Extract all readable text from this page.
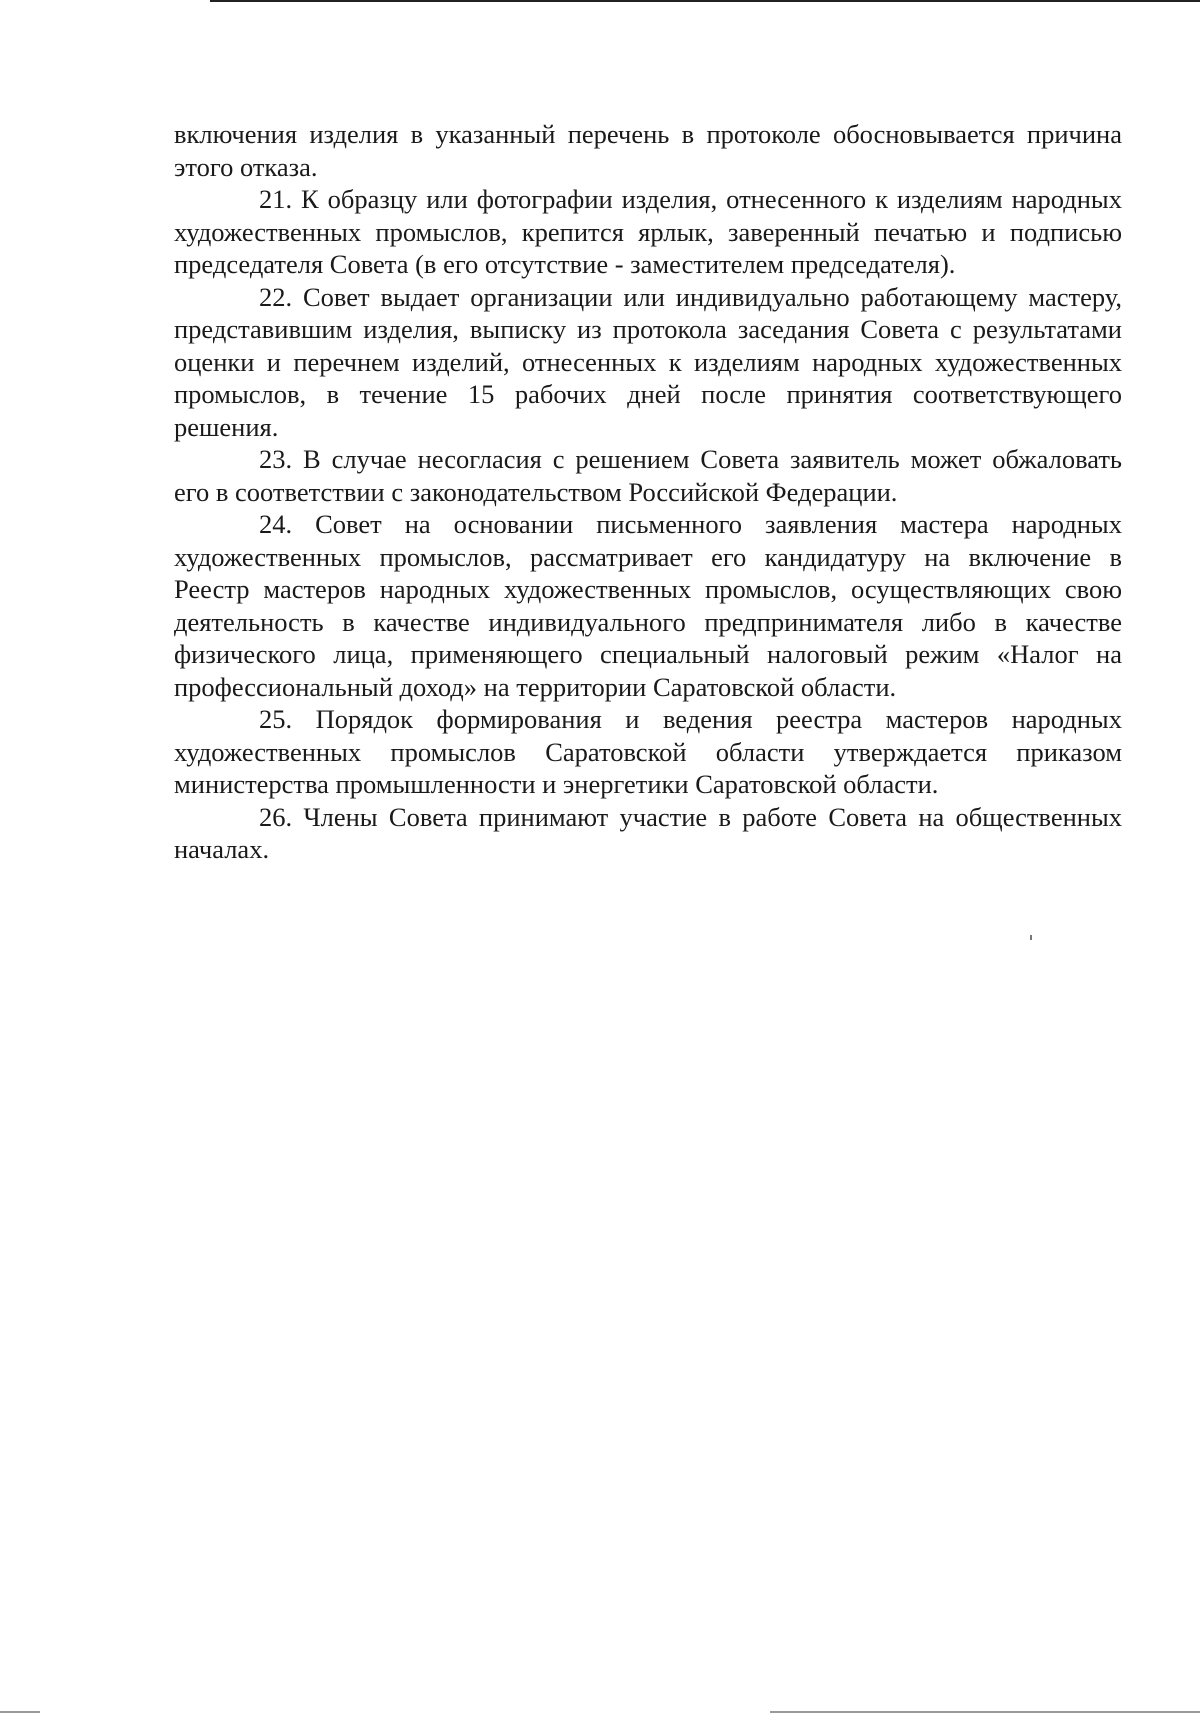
включения изделия в указанный перечень в протоколе обосновывается причина этого отказа.

21. К образцу или фотографии изделия, отнесенного к изделиям народных художественных промыслов, крепится ярлык, заверенный печатью и подписью председателя Совета (в его отсутствие - заместителем председателя).

22. Совет выдает организации или индивидуально работающему мастеру, представившим изделия, выписку из протокола заседания Совета с результатами оценки и перечнем изделий, отнесенных к изделиям народных художественных промыслов, в течение 15 рабочих дней после принятия соответствующего решения.

23. В случае несогласия с решением Совета заявитель может обжаловать его в соответствии с законодательством Российской Федерации.

24. Совет на основании письменного заявления мастера народных художественных промыслов, рассматривает его кандидатуру на включение в Реестр мастеров народных художественных промыслов, осуществляющих свою деятельность в качестве индивидуального предпринимателя либо в качестве физического лица, применяющего специальный налоговый режим «Налог на профессиональный доход» на территории Саратовской области.

25. Порядок формирования и ведения реестра мастеров народных художественных промыслов Саратовской области утверждается приказом министерства промышленности и энергетики Саратовской области.

26. Члены Совета принимают участие в работе Совета на общественных началах.
